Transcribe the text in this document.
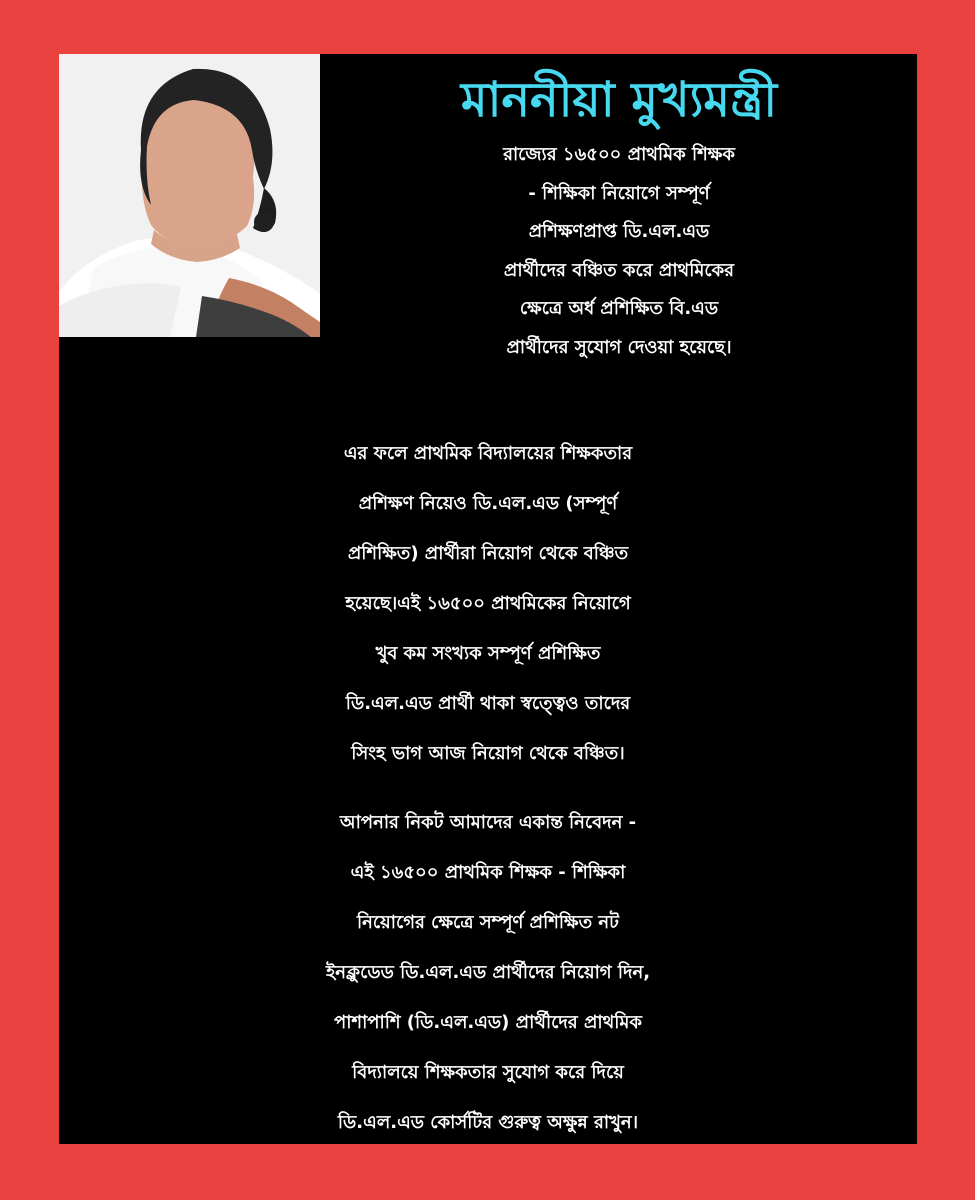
মাননীয়া মুখ্যমন্ত্রী
রাজ্যের ১৬৫০০ প্রাথমিক শিক্ষক
- শিক্ষিকা নিয়োগে সম্পূর্ণ
প্রশিক্ষণপ্রাপ্ত ডি.এল.এড
প্রার্থীদের বঞ্চিত করে প্রাথমিকের
ক্ষেত্রে অর্ধ প্রশিক্ষিত বি.এড
প্রার্থীদের সুযোগ দেওয়া হয়েছে।
এর ফলে প্রাথমিক বিদ্যালয়ের শিক্ষকতার
প্রশিক্ষণ নিয়েও ডি.এল.এড (সম্পূর্ণ
প্রশিক্ষিত) প্রার্থীরা নিয়োগ থেকে বঞ্চিত
হয়েছে।এই ১৬৫০০ প্রাথমিকের নিয়োগে
খুব কম সংখ্যক সম্পূর্ণ প্রশিক্ষিত
ডি.এল.এড প্রার্থী থাকা স্বত্ত্বেও তাদের
সিংহ ভাগ আজ নিয়োগ থেকে বঞ্চিত।
আপনার নিকট আমাদের একান্ত নিবেদন -
এই ১৬৫০০ প্রাথমিক শিক্ষক - শিক্ষিকা
নিয়োগের ক্ষেত্রে সম্পূর্ণ প্রশিক্ষিত নট
ইনক্লুডেড ডি.এল.এড প্রার্থীদের নিয়োগ দিন,
পাশাপাশি (ডি.এল.এড) প্রার্থীদের প্রাথমিক
বিদ্যালয়ে শিক্ষকতার সুযোগ করে দিয়ে
ডি.এল.এড কোর্সটির গুরুত্ব অক্ষুন্ন রাখুন।
